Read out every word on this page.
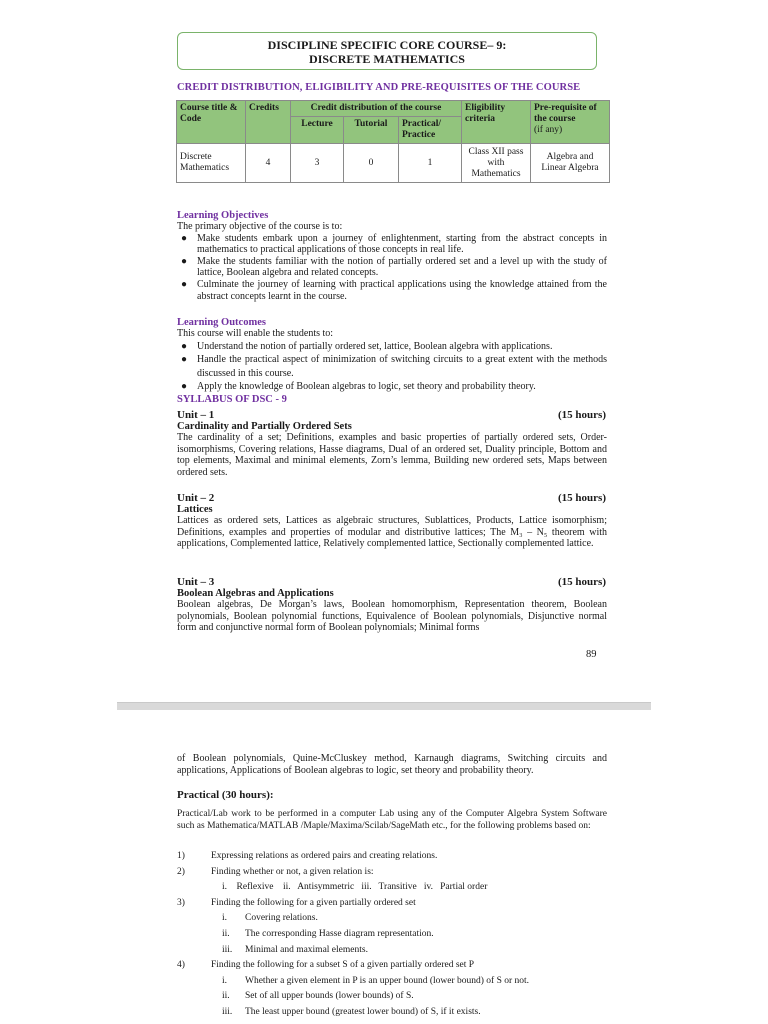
DISCIPLINE SPECIFIC CORE COURSE– 9:
DISCRETE MATHEMATICS
CREDIT DISTRIBUTION, ELIGIBILITY AND PRE-REQUISITES OF THE COURSE
Course title & Code	Credits	Credit distribution of the course			Eligibility criteria	Pre-requisite of the course
(if any)

		Lecture	Tutorial	Practical/ Practice		
Discrete Mathematics	4	3	0	1	Class XII pass with Mathematics	Algebra and Linear Algebra
Learning Objectives
The primary objective of the course is to:
● Make students embark upon a journey of enlightenment, starting from the abstract concepts in mathematics to practical applications of those concepts in real life.
● Make the students familiar with the notion of partially ordered set and a level up with the study of lattice, Boolean algebra and related concepts.
● Culminate the journey of learning with practical applications using the knowledge attained from the abstract concepts learnt in the course.
Learning Outcomes
This course will enable the students to:
● Understand the notion of partially ordered set, lattice, Boolean algebra with applications.
● Handle the practical aspect of minimization of switching circuits to a great extent with the methods discussed in this course.
● Apply the knowledge of Boolean algebras to logic, set theory and probability theory.
SYLLABUS OF DSC - 9
Unit – 1	(15 hours)
Cardinality and Partially Ordered Sets
The cardinality of a set; Definitions, examples and basic properties of partially ordered sets, Order-isomorphisms, Covering relations, Hasse diagrams, Dual of an ordered set, Duality principle, Bottom and top elements, Maximal and minimal elements, Zorn’s lemma, Building new ordered sets, Maps between ordered sets.
Unit – 2	(15 hours)
Lattices
Lattices as ordered sets, Lattices as algebraic structures, Sublattices, Products, Lattice isomorphism; Definitions, examples and properties of modular and distributive lattices; The M₃ – N₅ theorem with applications, Complemented lattice, Relatively complemented lattice, Sectionally complemented lattice.
Unit – 3	(15 hours)
Boolean Algebras and Applications
Boolean algebras, De Morgan’s laws, Boolean homomorphism, Representation theorem, Boolean polynomials, Boolean polynomial functions, Equivalence of Boolean polynomials, Disjunctive normal form and conjunctive normal form of Boolean polynomials; Minimal forms
89
of Boolean polynomials, Quine-McCluskey method, Karnaugh diagrams, Switching circuits and applications, Applications of Boolean algebras to logic, set theory and probability theory.
Practical (30 hours):
Practical/Lab work to be performed in a computer Lab using any of the Computer Algebra System Software such as Mathematica/MATLAB /Maple/Maxima/Scilab/SageMath etc., for the following problems based on:
1)	Expressing relations as ordered pairs and creating relations.
2)	Finding whether or not, a given relation is:
i.    Reflexive    ii.   Antisymmetric   iii.   Transitive   iv.   Partial order
3)	Finding the following for a given partially ordered set
i. Covering relations.
ii. The corresponding Hasse diagram representation.
iii. Minimal and maximal elements.
4)	Finding the following for a subset S of a given partially ordered set P
i. Whether a given element in P is an upper bound (lower bound) of S or not.
ii. Set of all upper bounds (lower bounds) of S.
iii. The least upper bound (greatest lower bound) of S, if it exists.
